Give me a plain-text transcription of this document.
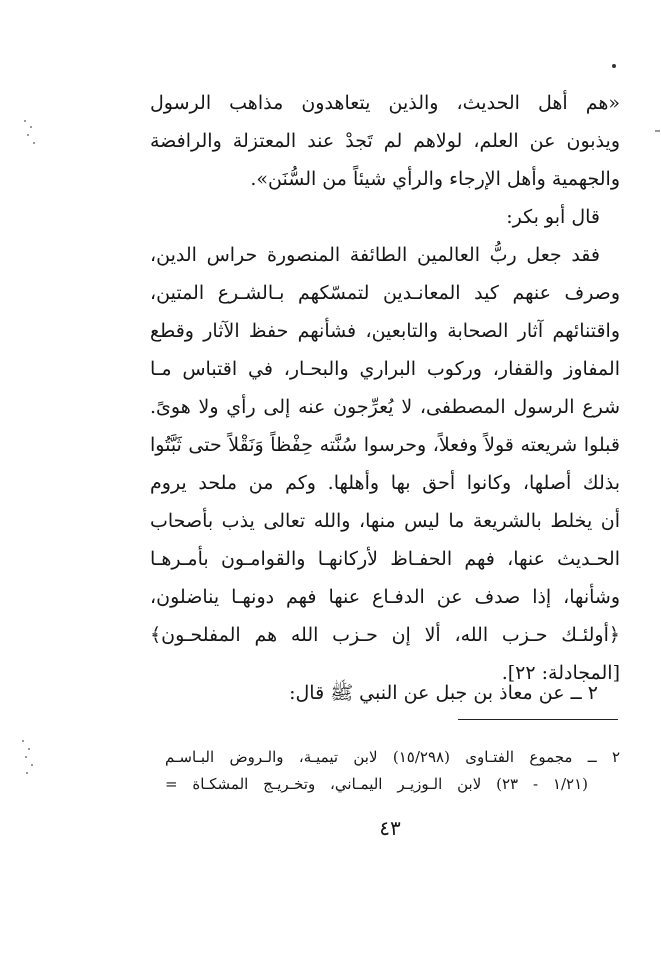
«هم أهل الحديث، والذين يتعاهدون مذاهب الرسول
ويذبون عن العلم، لولاهم لم تَجدْ عند المعتزلة والرافضة
والجهمية وأهل الإرجاء والرأي شيئاً من السُّنَن».
قال أبو بكر:
فقد جعل ربُّ العالمين الطائفة المنصورة حراس الدين،
وصرف عنهم كيد المعانـدين لتمسّكهم بـالشـرع المتين،
واقتنائهم آثار الصحابة والتابعين، فشأنهم حفظ الآثار وقطع
المفاوز والقفار، وركوب البراري والبحـار، في اقتباس مـا
شرع الرسول المصطفى، لا يُعرِّجون عنه إلى رأي ولا هوىً.
قبلوا شريعته قولاً وفعلاً، وحرسوا سُنَّته حِفْظاً وَنَقْلاً حتى ثَبَّتُوا
بذلك أصلها، وكانوا أحق بها وأهلها. وكم من ملحد يروم
أن يخلط بالشريعة ما ليس منها، والله تعالى يذب بأصحاب
الحـديث عنها، فهم الحفـاظ لأركانهـا والقوامـون بأمـرهـا
وشأنها، إذا صدف عن الدفـاع عنها فهم دونهـا يناضلون،
﴿أولئـك حـزب الله، ألا إن حـزب الله هم المفلحـون﴾
[المجادلة: ٢٢].
٢ ــ عن معاذ بن جبل عن النبي ﷺ قال:
٢ ــ مجموع الفتـاوى (١٥/٢٩٨) لابن تيميـة، والـروض البـاسـم
(١/٢١ - ٢٣) لابن الـوزيـر اليمـاني، وتخـريـج المشكـاة =
٤٣
